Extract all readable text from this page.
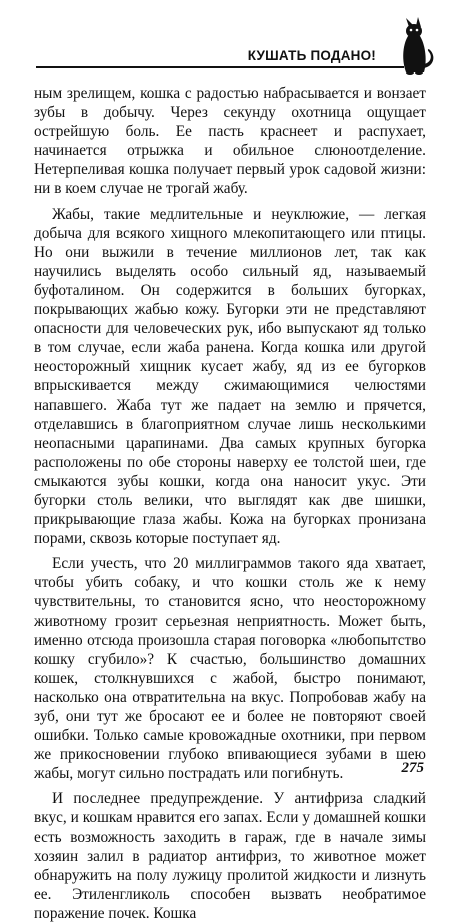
КУШАТЬ ПОДАНО!

ным зрелищем, кошка с радостью набрасывается и вонзает зубы в добычу. Через секунду охотница ощущает острейшую боль. Ее пасть краснеет и распухает, начинается отрыжка и обильное слюноотделение. Нетерпеливая кошка получает первый урок садовой жизни: ни в коем случае не трогай жабу.

Жабы, такие медлительные и неуклюжие, — легкая добыча для всякого хищного млекопитающего или птицы. Но они выжили в течение миллионов лет, так как научились выделять особо сильный яд, называемый буфоталином. Он содержится в больших бугорках, покрывающих жабью кожу. Бугорки эти не представляют опасности для человеческих рук, ибо выпускают яд только в том случае, если жаба ранена. Когда кошка или другой неосторожный хищник кусает жабу, яд из ее бугорков впрыскивается между сжимающимися челюстями напавшего. Жаба тут же падает на землю и прячется, отделавшись в благоприятном случае лишь несколькими неопасными царапинами. Два самых крупных бугорка расположены по обе стороны наверху ее толстой шеи, где смыкаются зубы кошки, когда она наносит укус. Эти бугорки столь велики, что выглядят как две шишки, прикрывающие глаза жабы. Кожа на бугорках пронизана порами, сквозь которые поступает яд.

Если учесть, что 20 миллиграммов такого яда хватает, чтобы убить собаку, и что кошки столь же к нему чувствительны, то становится ясно, что неосторожному животному грозит серьезная неприятность. Может быть, именно отсюда произошла старая поговорка «любопытство кошку сгубило»? К счастью, большинство домашних кошек, столкнувшихся с жабой, быстро понимают, насколько она отвратительна на вкус. Попробовав жабу на зуб, они тут же бросают ее и более не повторяют своей ошибки. Только самые кровожадные охотники, при первом же прикосновении глубоко впивающиеся зубами в шею жабы, могут сильно пострадать или погибнуть.

И последнее предупреждение. У антифриза сладкий вкус, и кошкам нравится его запах. Если у домашней кошки есть возможность заходить в гараж, где в начале зимы хозяин залил в радиатор антифриз, то животное может обнаружить на полу лужицу пролитой жидкости и лизнуть ее. Этиленгликоль способен вызвать необратимое поражение почек. Кошка

275
